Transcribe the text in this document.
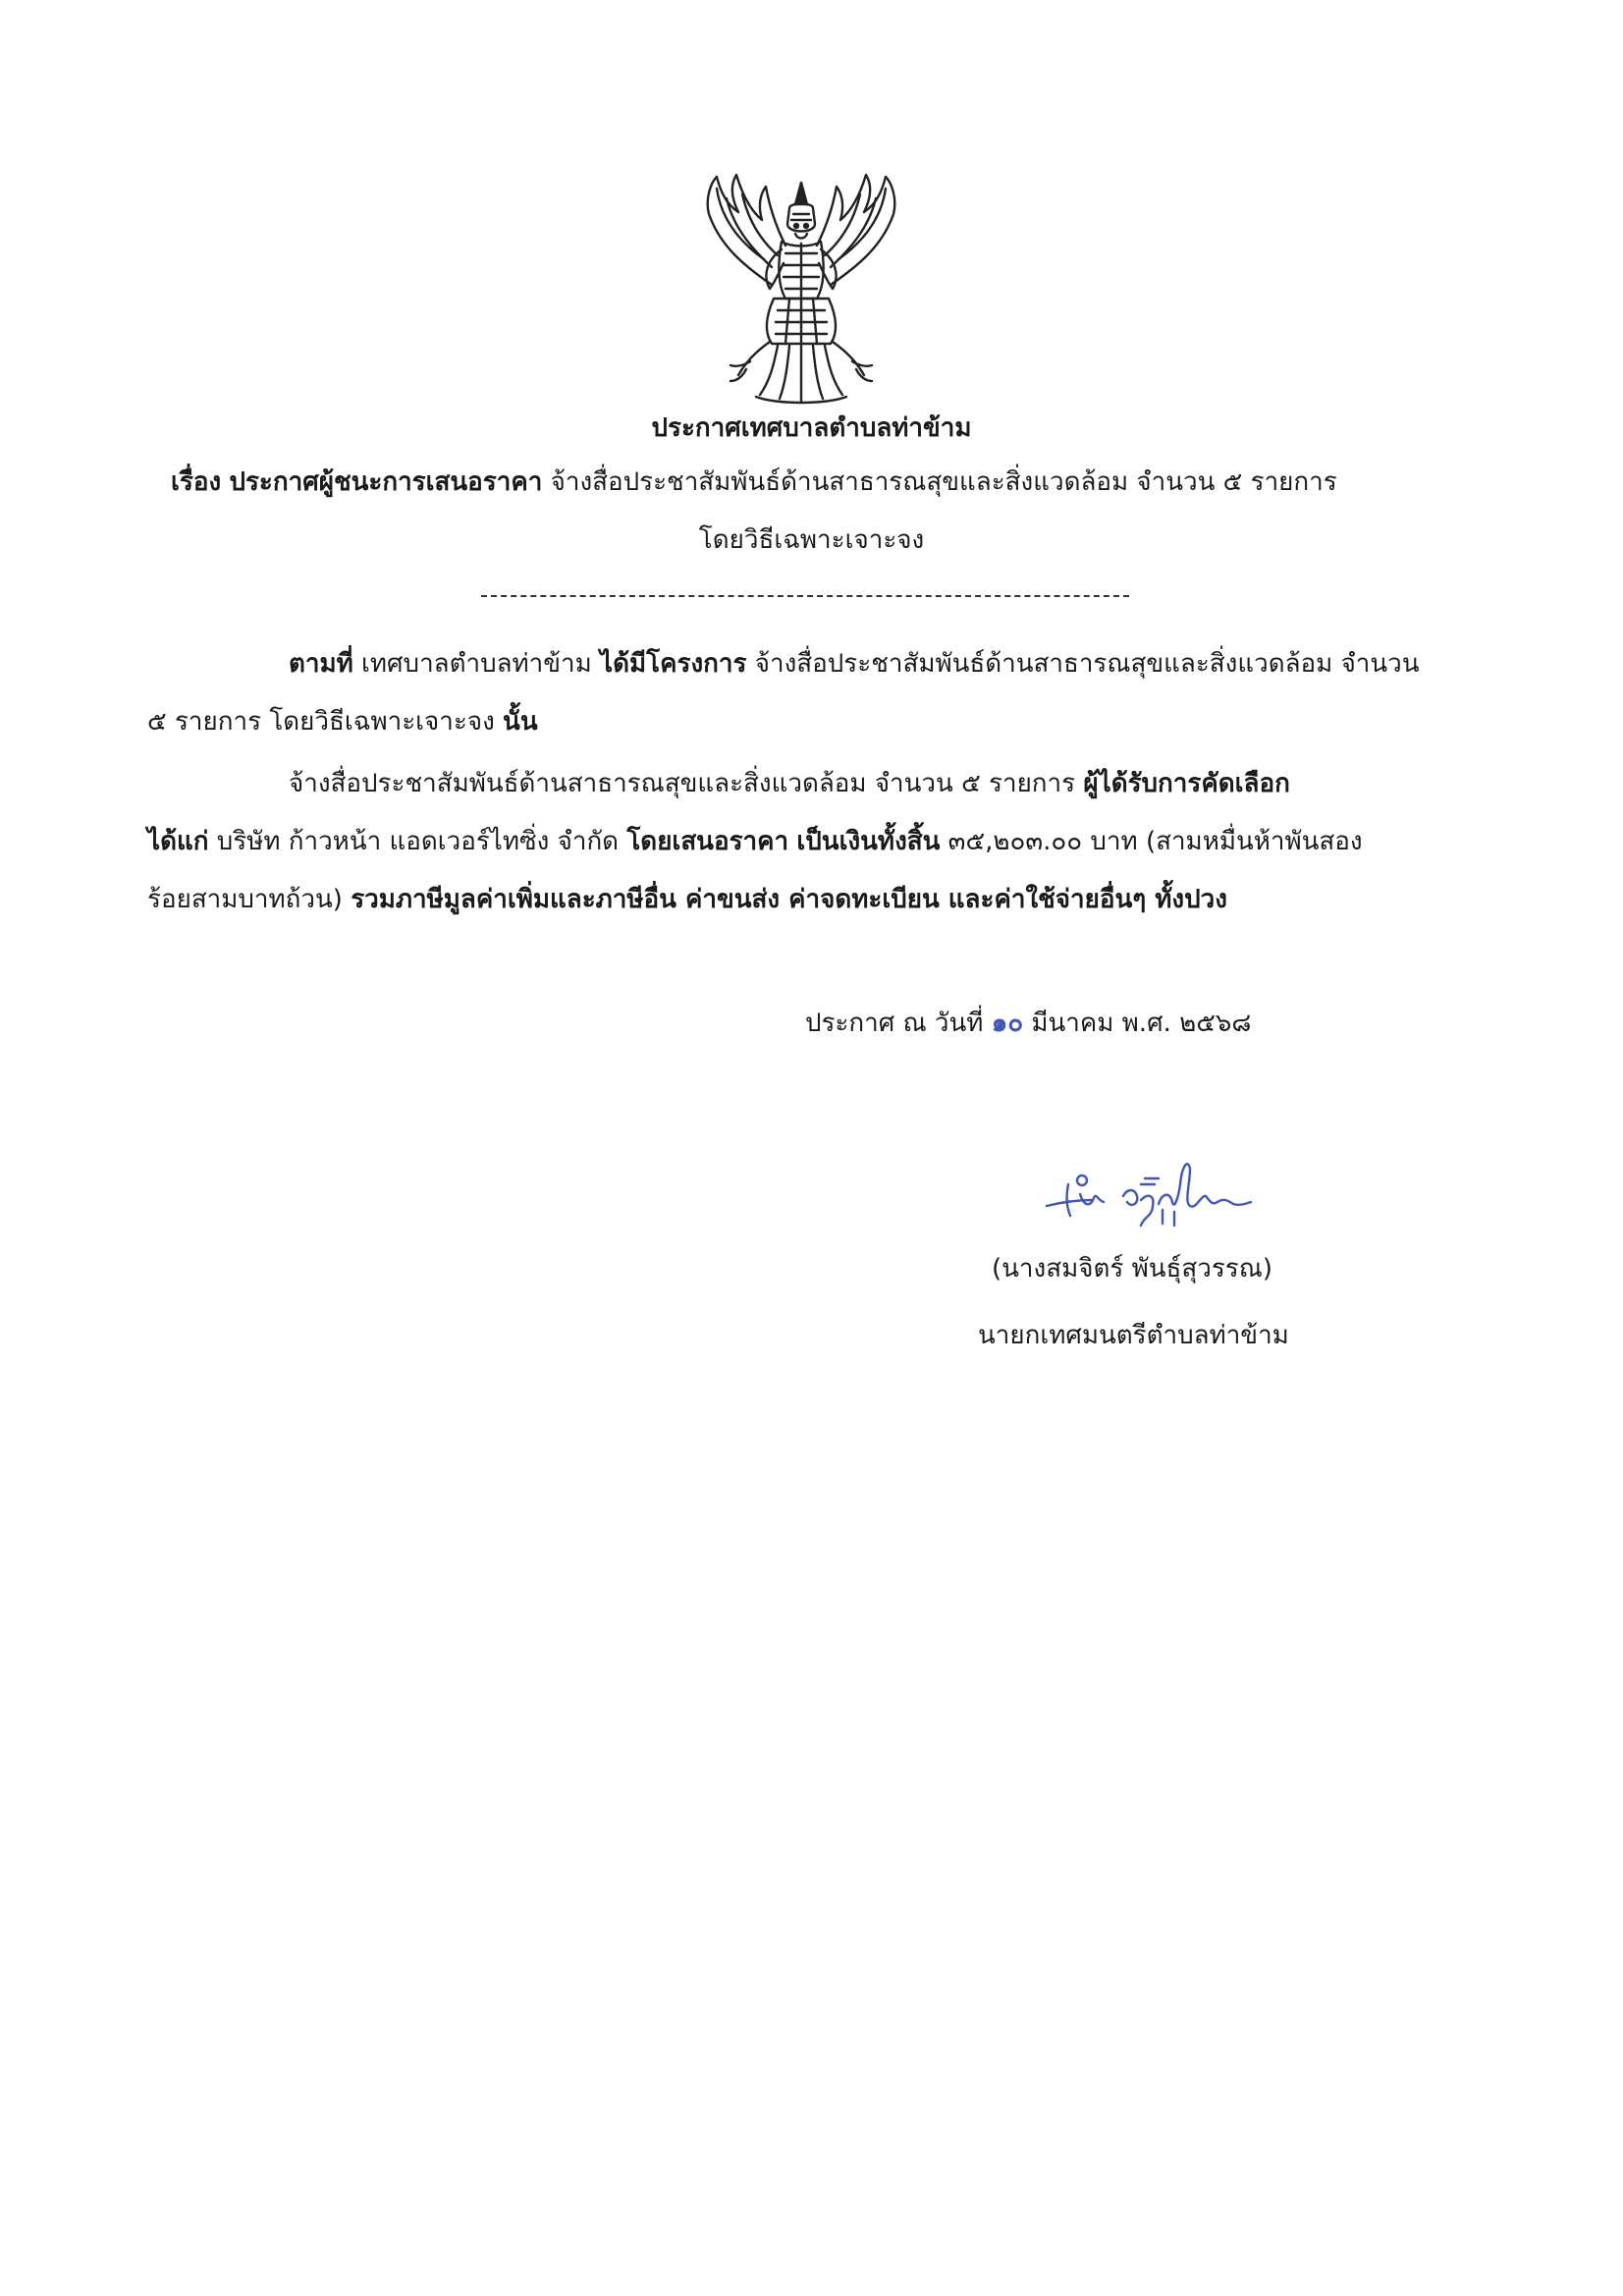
ประกาศเทศบาลตำบลท่าข้าม
เรื่อง ประกาศผู้ชนะการเสนอราคา จ้างสื่อประชาสัมพันธ์ด้านสาธารณสุขและสิ่งแวดล้อม จำนวน ๕ รายการ
โดยวิธีเฉพาะเจาะจง
ตามที่ เทศบาลตำบลท่าข้าม ได้มีโครงการ จ้างสื่อประชาสัมพันธ์ด้านสาธารณสุขและสิ่งแวดล้อม จำนวน
๕ รายการ โดยวิธีเฉพาะเจาะจง นั้น
จ้างสื่อประชาสัมพันธ์ด้านสาธารณสุขและสิ่งแวดล้อม จำนวน ๕ รายการ ผู้ได้รับการคัดเลือก
ได้แก่ บริษัท ก้าวหน้า แอดเวอร์ไทซิ่ง จำกัด โดยเสนอราคา เป็นเงินทั้งสิ้น ๓๕,๒๐๓.๐๐ บาท (สามหมื่นห้าพันสอง
ร้อยสามบาทถ้วน) รวมภาษีมูลค่าเพิ่มและภาษีอื่น ค่าขนส่ง ค่าจดทะเบียน และค่าใช้จ่ายอื่นๆ ทั้งปวง
ประกาศ ณ วันที่ ๑๐ มีนาคม พ.ศ. ๒๕๖๘
(นางสมจิตร์ พันธุ์สุวรรณ)
นายกเทศมนตรีตำบลท่าข้าม
